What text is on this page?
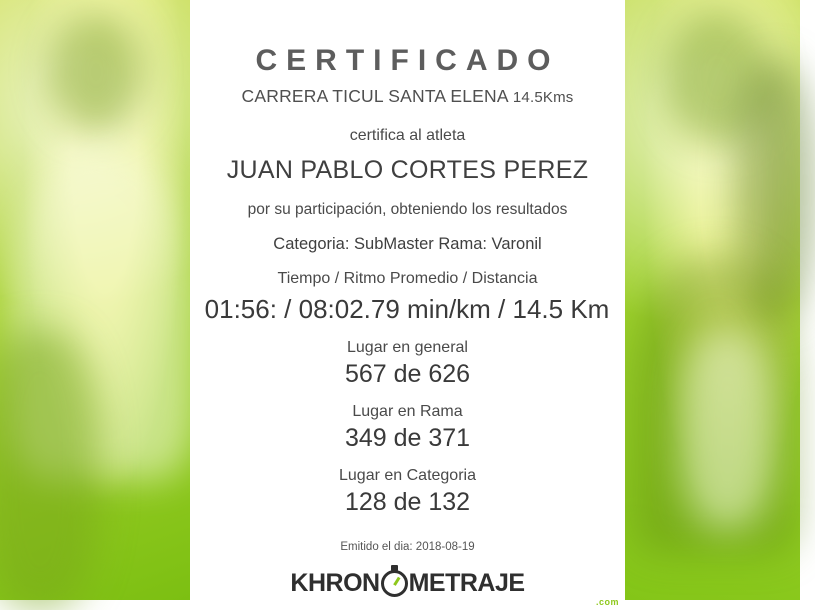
CERTIFICADO
CARRERA TICUL SANTA ELENA 14.5Kms
certifica al atleta
JUAN PABLO CORTES PEREZ
por su participación, obteniendo los resultados
Categoria: SubMaster Rama: Varonil
Tiempo / Ritmo Promedio / Distancia
01:56: / 08:02.79 min/km / 14.5 Km
Lugar en general
567 de 626
Lugar en Rama
349 de 371
Lugar en Categoria
128 de 132
Emitido el dia: 2018-08-19
KHRON METRAJE
.com
